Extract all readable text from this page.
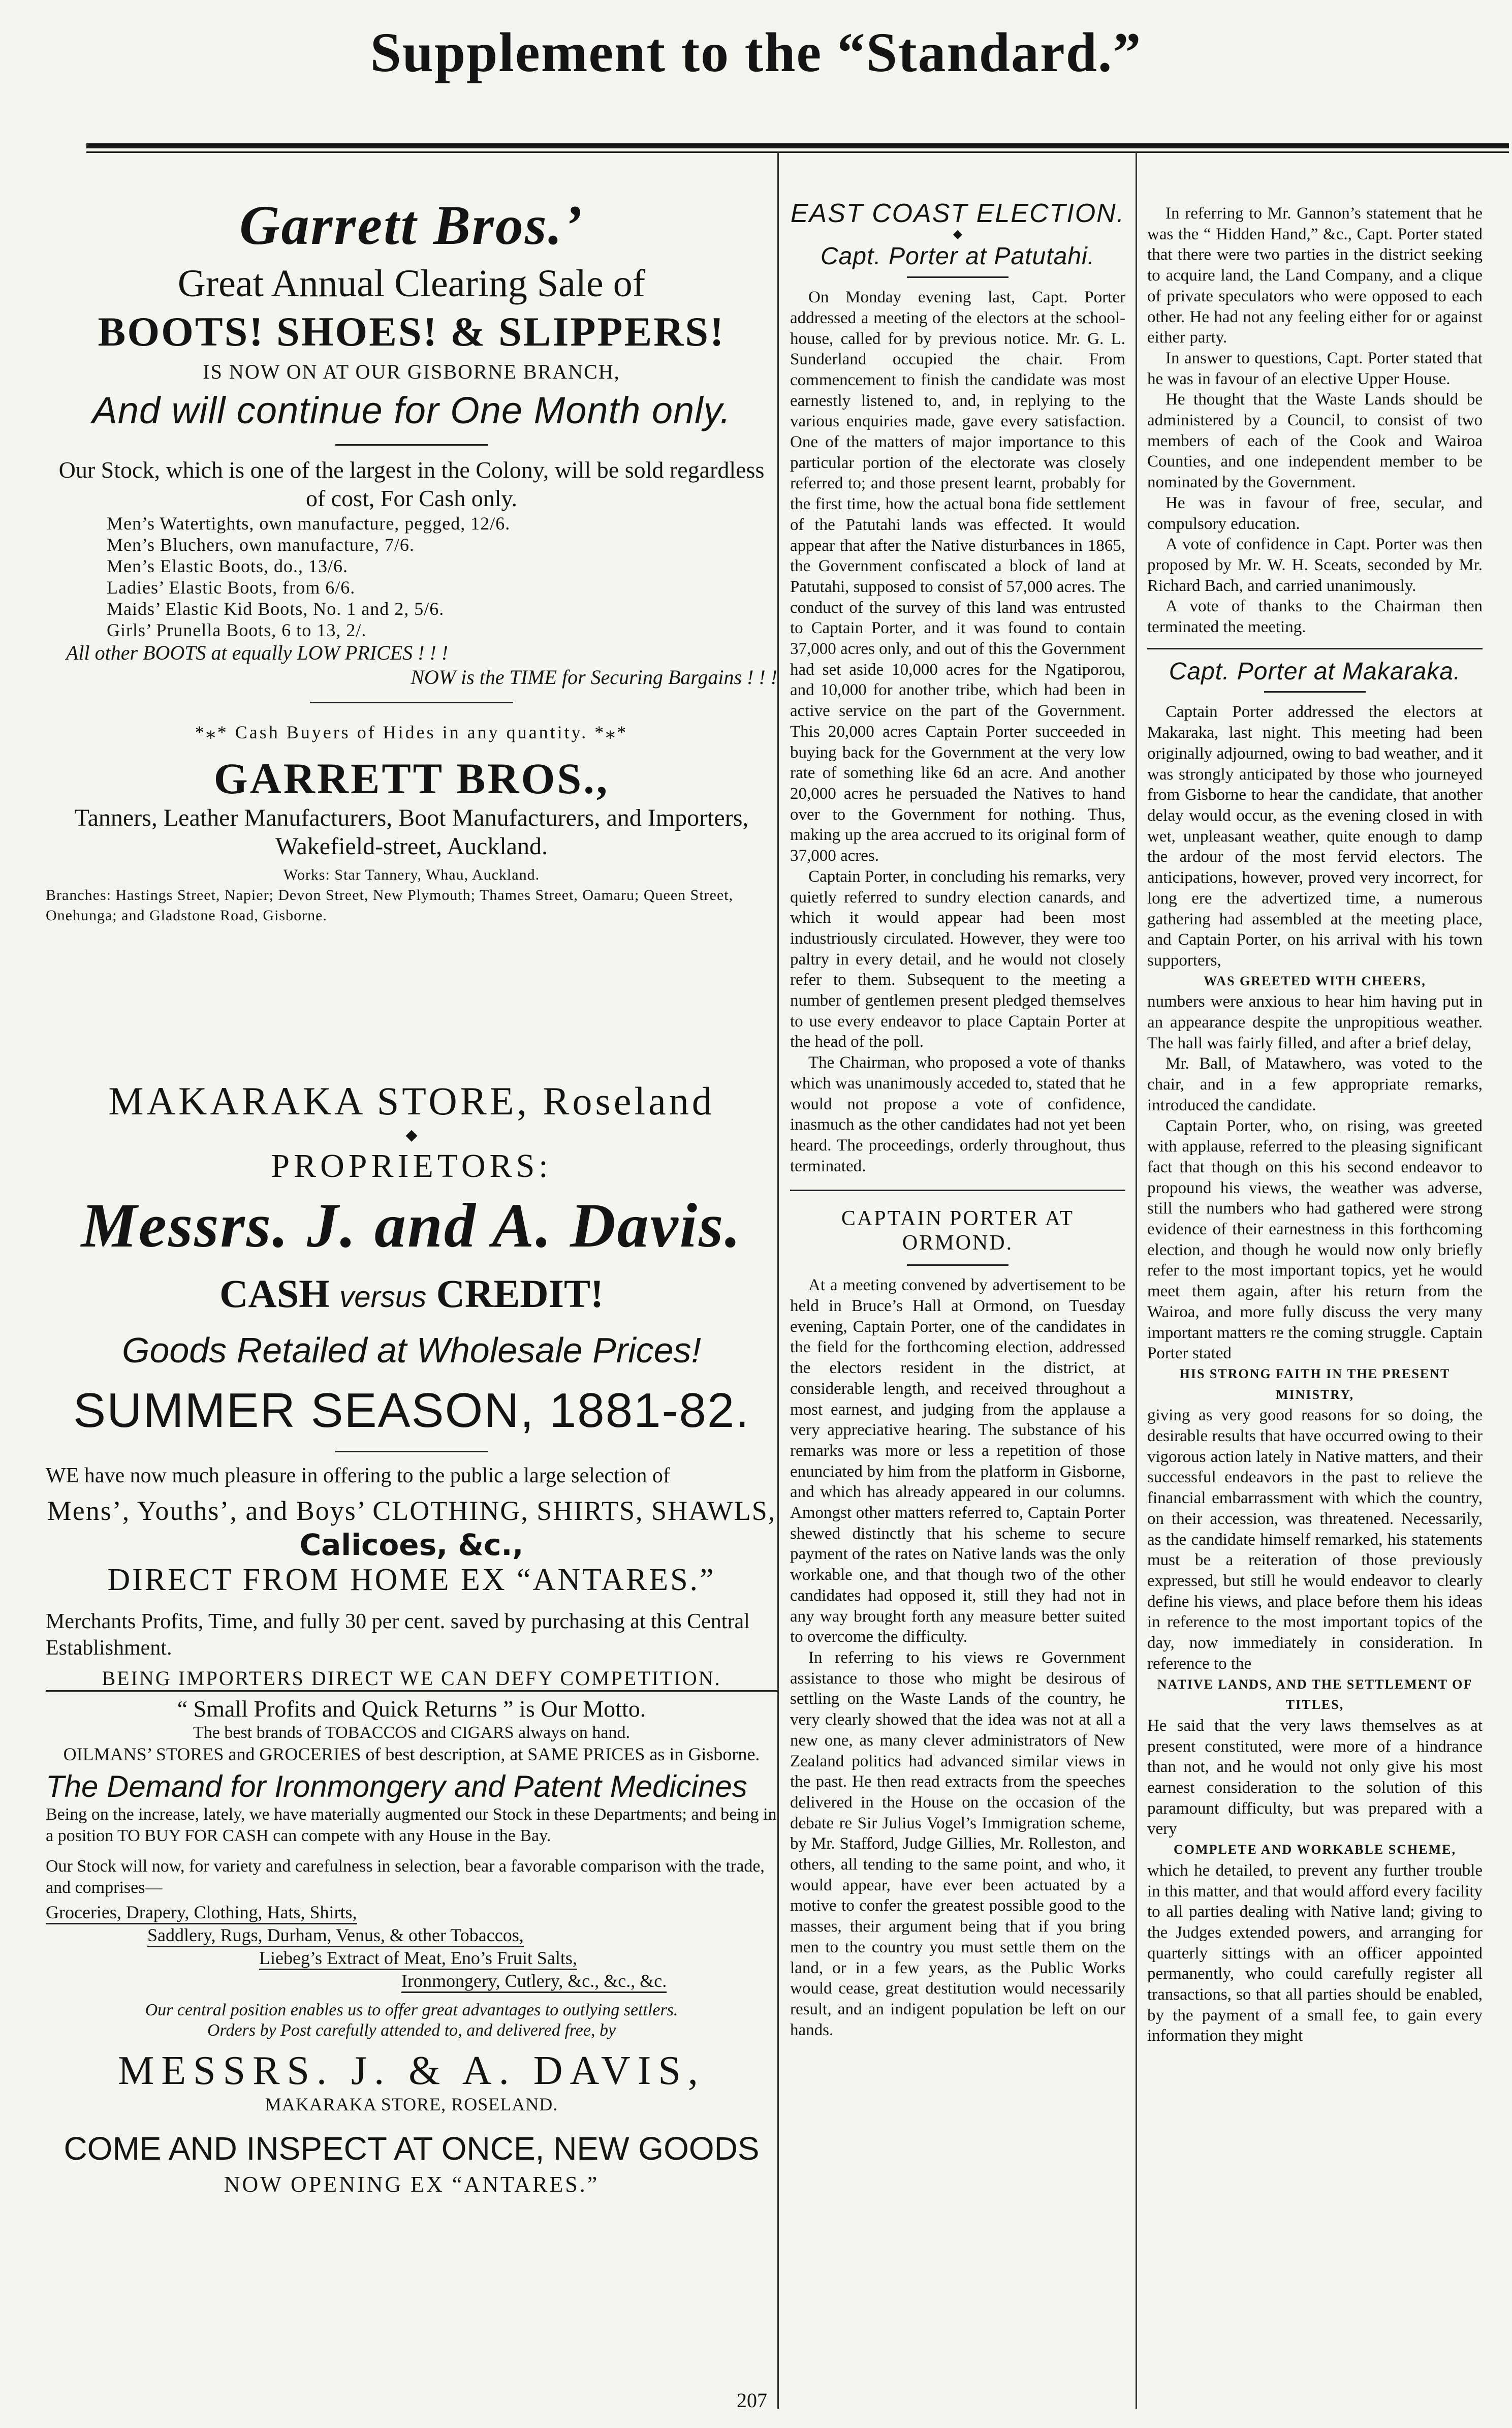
Supplement to the “Standard.”
Garrett Bros.’
Great Annual Clearing Sale of
BOOTS! SHOES! & SLIPPERS!
IS NOW ON AT OUR GISBORNE BRANCH,
And will continue for One Month only.
Our Stock, which is one of the largest in the Colony, will be sold regardless of cost, For Cash only.
Men’s Watertights, own manufacture, pegged, 12/6.
Men’s Bluchers, own manufacture, 7/6.
Men’s Elastic Boots, do., 13/6.
Ladies’ Elastic Boots, from 6/6.
Maids’ Elastic Kid Boots, No. 1 and 2, 5/6.
Girls’ Prunella Boots, 6 to 13, 2/.
All other BOOTS at equally LOW PRICES ! ! !
NOW is the TIME for Securing Bargains ! ! !
*⁎* Cash Buyers of Hides in any quantity. *⁎*
GARRETT BROS.,
Tanners, Leather Manufacturers, Boot Manufacturers, and Importers, Wakefield-street, Auckland.
Works: Star Tannery, Whau, Auckland.
Branches: Hastings Street, Napier; Devon Street, New Plymouth; Thames Street, Oamaru; Queen Street, Onehunga; and Gladstone Road, Gisborne.
MAKARAKA STORE, Roseland
◆
PROPRIETORS:
Messrs. J. and A. Davis.
CASH versus CREDIT!
Goods Retailed at Wholesale Prices!
SUMMER SEASON, 1881-82.
WE have now much pleasure in offering to the public a large selection of
Mens’, Youths’, and Boys’ CLOTHING, SHIRTS, SHAWLS,
Calicoes, &c.,
DIRECT FROM HOME EX “ANTARES.”
Merchants Profits, Time, and fully 30 per cent. saved by purchasing at this Central Establishment.
BEING IMPORTERS DIRECT WE CAN DEFY COMPETITION.
“ Small Profits and Quick Returns ” is Our Motto.
The best brands of TOBACCOS and CIGARS always on hand.
OILMANS’ STORES and GROCERIES of best description, at SAME PRICES as in Gisborne.
The Demand for Ironmongery and Patent Medicines
Being on the increase, lately, we have materially augmented our Stock in these Departments; and being in a position TO BUY FOR CASH can compete with any House in the Bay.
Our Stock will now, for variety and carefulness in selection, bear a favorable comparison with the trade, and comprises—
Groceries, Drapery, Clothing, Hats, Shirts,
Saddlery, Rugs, Durham, Venus, & other Tobaccos,
Liebeg’s Extract of Meat, Eno’s Fruit Salts,
Ironmongery, Cutlery, &c., &c., &c.
Our central position enables us to offer great advantages to outlying settlers.
Orders by Post carefully attended to, and delivered free, by
MESSRS. J. & A. DAVIS,
MAKARAKA STORE, ROSELAND.
COME AND INSPECT AT ONCE, NEW GOODS
NOW OPENING EX “ANTARES.”
EAST COAST ELECTION.
◆
Capt. Porter at Patutahi.

On Monday evening last, Capt. Porter addressed a meeting of the electors at the school-house, called for by previous notice. Mr. G. L. Sunderland occupied the chair. From commencement to finish the candidate was most earnestly listened to, and, in replying to the various enquiries made, gave every satisfaction. One of the matters of major importance to this particular portion of the electorate was closely referred to; and those present learnt, probably for the first time, how the actual bona fide settlement of the Patutahi lands was effected. It would appear that after the Native disturbances in 1865, the Government confiscated a block of land at Patutahi, supposed to consist of 57,000 acres. The conduct of the survey of this land was entrusted to Captain Porter, and it was found to contain 37,000 acres only, and out of this the Government had set aside 10,000 acres for the Ngatiporou, and 10,000 for another tribe, which had been in active service on the part of the Government. This 20,000 acres Captain Porter succeeded in buying back for the Government at the very low rate of something like 6d an acre. And another 20,000 acres he persuaded the Natives to hand over to the Government for nothing. Thus, making up the area accrued to its original form of 37,000 acres.

Captain Porter, in concluding his remarks, very quietly referred to sundry election canards, and which it would appear had been most industriously circulated. However, they were too paltry in every detail, and he would not closely refer to them. Subsequent to the meeting a number of gentlemen present pledged themselves to use every endeavor to place Captain Porter at the head of the poll.

The Chairman, who proposed a vote of thanks which was unanimously acceded to, stated that he would not propose a vote of confidence, inasmuch as the other candidates had not yet been heard. The proceedings, orderly throughout, thus terminated.

CAPTAIN PORTER AT ORMOND.

At a meeting convened by advertisement to be held in Bruce’s Hall at Ormond, on Tuesday evening, Captain Porter, one of the candidates in the field for the forthcoming election, addressed the electors resident in the district, at considerable length, and received throughout a most earnest, and judging from the applause a very appreciative hearing. The substance of his remarks was more or less a repetition of those enunciated by him from the platform in Gisborne, and which has already appeared in our columns. Amongst other matters referred to, Captain Porter shewed distinctly that his scheme to secure payment of the rates on Native lands was the only workable one, and that though two of the other candidates had opposed it, still they had not in any way brought forth any measure better suited to overcome the difficulty.

In referring to his views re Government assistance to those who might be desirous of settling on the Waste Lands of the country, he very clearly showed that the idea was not at all a new one, as many clever administrators of New Zealand politics had advanced similar views in the past. He then read extracts from the speeches delivered in the House on the occasion of the debate re Sir Julius Vogel’s Immigration scheme, by Mr. Stafford, Judge Gillies, Mr. Rolleston, and others, all tending to the same point, and who, it would appear, have ever been actuated by a motive to confer the greatest possible good to the masses, their argument being that if you bring men to the country you must settle them on the land, or in a few years, as the Public Works would cease, great destitution would necessarily result, and an indigent population be left on our hands.

In referring to Mr. Gannon’s statement that he was the “ Hidden Hand,” &c., Capt. Porter stated that there were two parties in the district seeking to acquire land, the Land Company, and a clique of private speculators who were opposed to each other. He had not any feeling either for or against either party.

In answer to questions, Capt. Porter stated that he was in favour of an elective Upper House.

He thought that the Waste Lands should be administered by a Council, to consist of two members of each of the Cook and Wairoa Counties, and one independent member to be nominated by the Government.

He was in favour of free, secular, and compulsory education.

A vote of confidence in Capt. Porter was then proposed by Mr. W. H. Sceats, seconded by Mr. Richard Bach, and carried unanimously.

A vote of thanks to the Chairman then terminated the meeting.

Capt. Porter at Makaraka.

Captain Porter addressed the electors at Makaraka, last night. This meeting had been originally adjourned, owing to bad weather, and it was strongly anticipated by those who journeyed from Gisborne to hear the candidate, that another delay would occur, as the evening closed in with wet, unpleasant weather, quite enough to damp the ardour of the most fervid electors. The anticipations, however, proved very incorrect, for long ere the advertized time, a numerous gathering had assembled at the meeting place, and Captain Porter, on his arrival with his town supporters,

WAS GREETED WITH CHEERS,

numbers were anxious to hear him having put in an appearance despite the unpropitious weather. The hall was fairly filled, and after a brief delay,

Mr. Ball, of Matawhero, was voted to the chair, and in a few appropriate remarks, introduced the candidate.

Captain Porter, who, on rising, was greeted with applause, referred to the pleasing significant fact that though on this his second endeavor to propound his views, the weather was adverse, still the numbers who had gathered were strong evidence of their earnestness in this forthcoming election, and though he would now only briefly refer to the most important topics, yet he would meet them again, after his return from the Wairoa, and more fully discuss the very many important matters re the coming struggle. Captain Porter stated

HIS STRONG FAITH IN THE PRESENT MINISTRY,

giving as very good reasons for so doing, the desirable results that have occurred owing to their vigorous action lately in Native matters, and their successful endeavors in the past to relieve the financial embarrassment with which the country, on their accession, was threatened. Necessarily, as the candidate himself remarked, his statements must be a reiteration of those previously expressed, but still he would endeavor to clearly define his views, and place before them his ideas in reference to the most important topics of the day, now immediately in consideration. In reference to the

NATIVE LANDS, AND THE SETTLEMENT OF TITLES,

He said that the very laws themselves as at present constituted, were more of a hindrance than not, and he would not only give his most earnest consideration to the solution of this paramount difficulty, but was prepared with a very

COMPLETE AND WORKABLE SCHEME,

which he detailed, to prevent any further trouble in this matter, and that would afford every facility to all parties dealing with Native land; giving to the Judges extended powers, and arranging for quarterly sittings with an officer appointed permanently, who could carefully register all transactions, so that all parties should be enabled, by the payment of a small fee, to gain every information they might

207
